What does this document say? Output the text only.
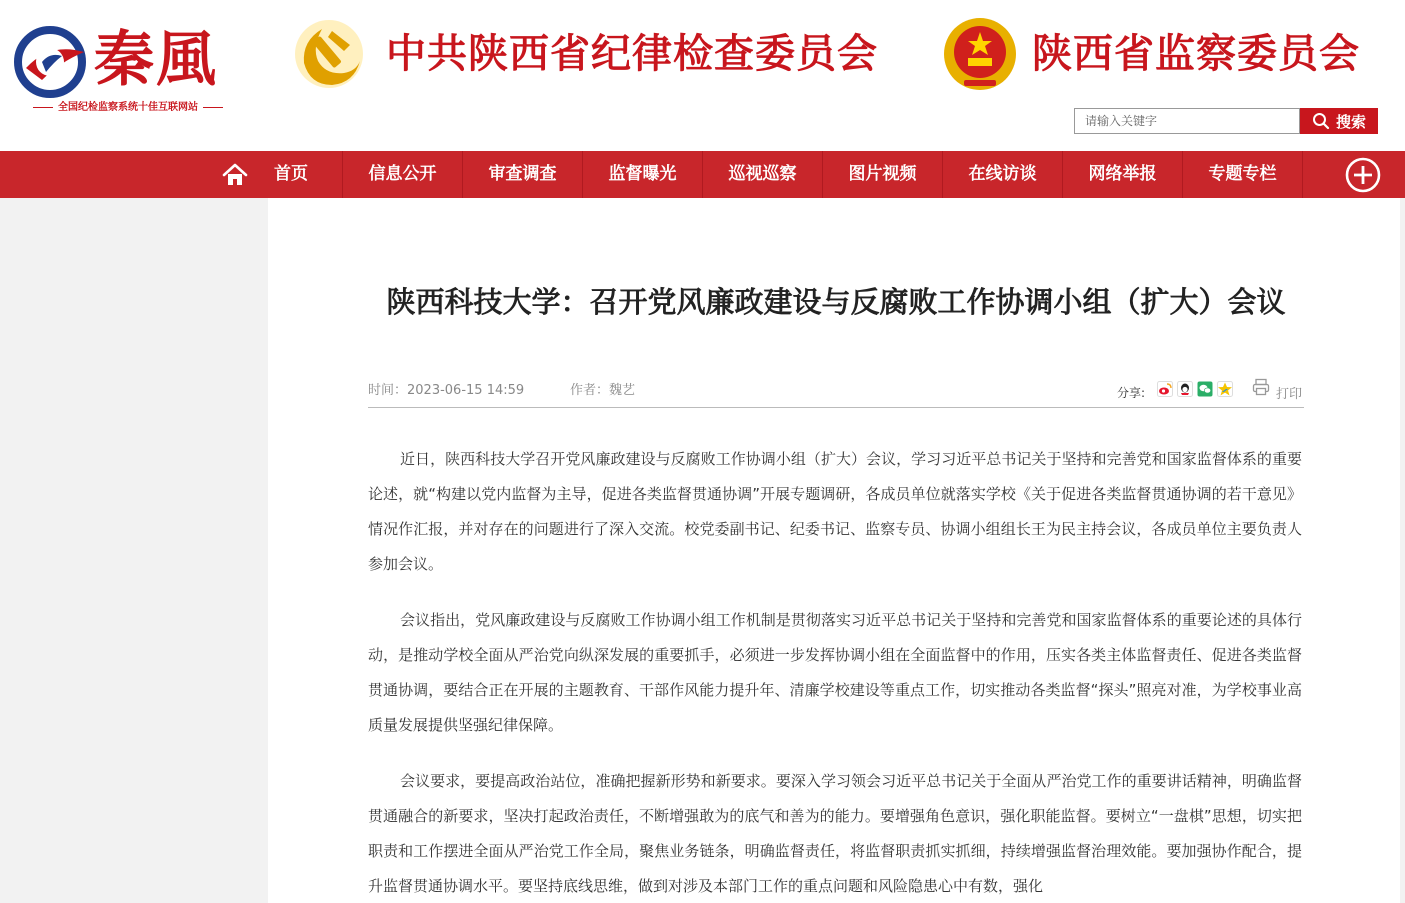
秦風
全国纪检监察系统十佳互联网站
中共陕西省纪律检查委员会	陕西省监察委员会
请输入关键字
搜索
首页	信息公开	审查调查	监督曝光	巡视巡察	图片视频	在线访谈	网络举报	专题专栏
陕西科技大学：召开党风廉政建设与反腐败工作协调小组（扩大）会议
时间：2023-06-15 14:59	作者：魏艺	分享:	打印

近日，陕西科技大学召开党风廉政建设与反腐败工作协调小组（扩大）会议，学习习近平总书记关于坚持和完善党和国家监督体系的重要论述，就“构建以党内监督为主导，促进各类监督贯通协调”开展专题调研，各成员单位就落实学校《关于促进各类监督贯通协调的若干意见》情况作汇报，并对存在的问题进行了深入交流。校党委副书记、纪委书记、监察专员、协调小组组长王为民主持会议，各成员单位主要负责人参加会议。

会议指出，党风廉政建设与反腐败工作协调小组工作机制是贯彻落实习近平总书记关于坚持和完善党和国家监督体系的重要论述的具体行动，是推动学校全面从严治党向纵深发展的重要抓手，必须进一步发挥协调小组在全面监督中的作用，压实各类主体监督责任、促进各类监督贯通协调，要结合正在开展的主题教育、干部作风能力提升年、清廉学校建设等重点工作，切实推动各类监督“探头”照亮对准，为学校事业高质量发展提供坚强纪律保障。

会议要求，要提高政治站位，准确把握新形势和新要求。要深入学习领会习近平总书记关于全面从严治党工作的重要讲话精神，明确监督贯通融合的新要求，坚决打起政治责任，不断增强敢为的底气和善为的能力。要增强角色意识，强化职能监督。要树立“一盘棋”思想，切实把职责和工作摆进全面从严治党工作全局，聚焦业务链条，明确监督责任，将监督职责抓实抓细，持续增强监督治理效能。要加强协作配合，提升监督贯通协调水平。要坚持底线思维，做到对涉及本部门工作的重点问题和风险隐患心中有数，强化
